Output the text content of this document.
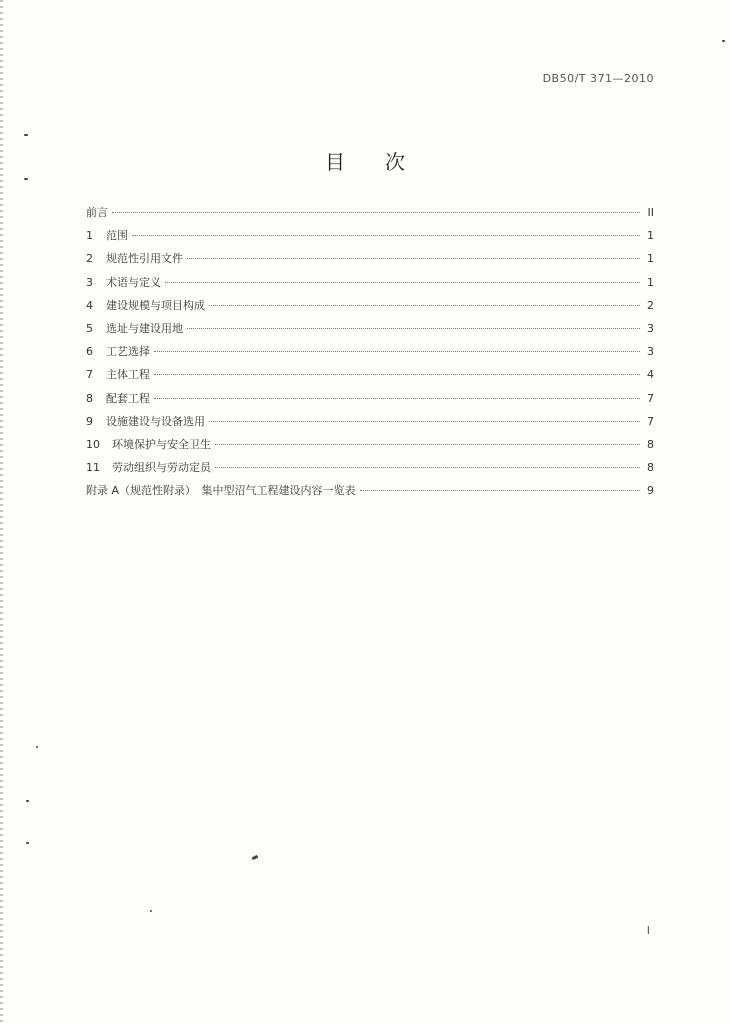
DB50/T 371—2010
目 次
前言	II
1	范围	1
2	规范性引用文件	1
3	术语与定义	1
4	建设规模与项目构成	2
5	选址与建设用地	3
6	工艺选择	3
7	主体工程	4
8	配套工程	7
9	设施建设与设备选用	7
10	环境保护与安全卫生	8
11	劳动组织与劳动定员	8
附录 A（规范性附录）　集中型沼气工程建设内容一览表	9
I
